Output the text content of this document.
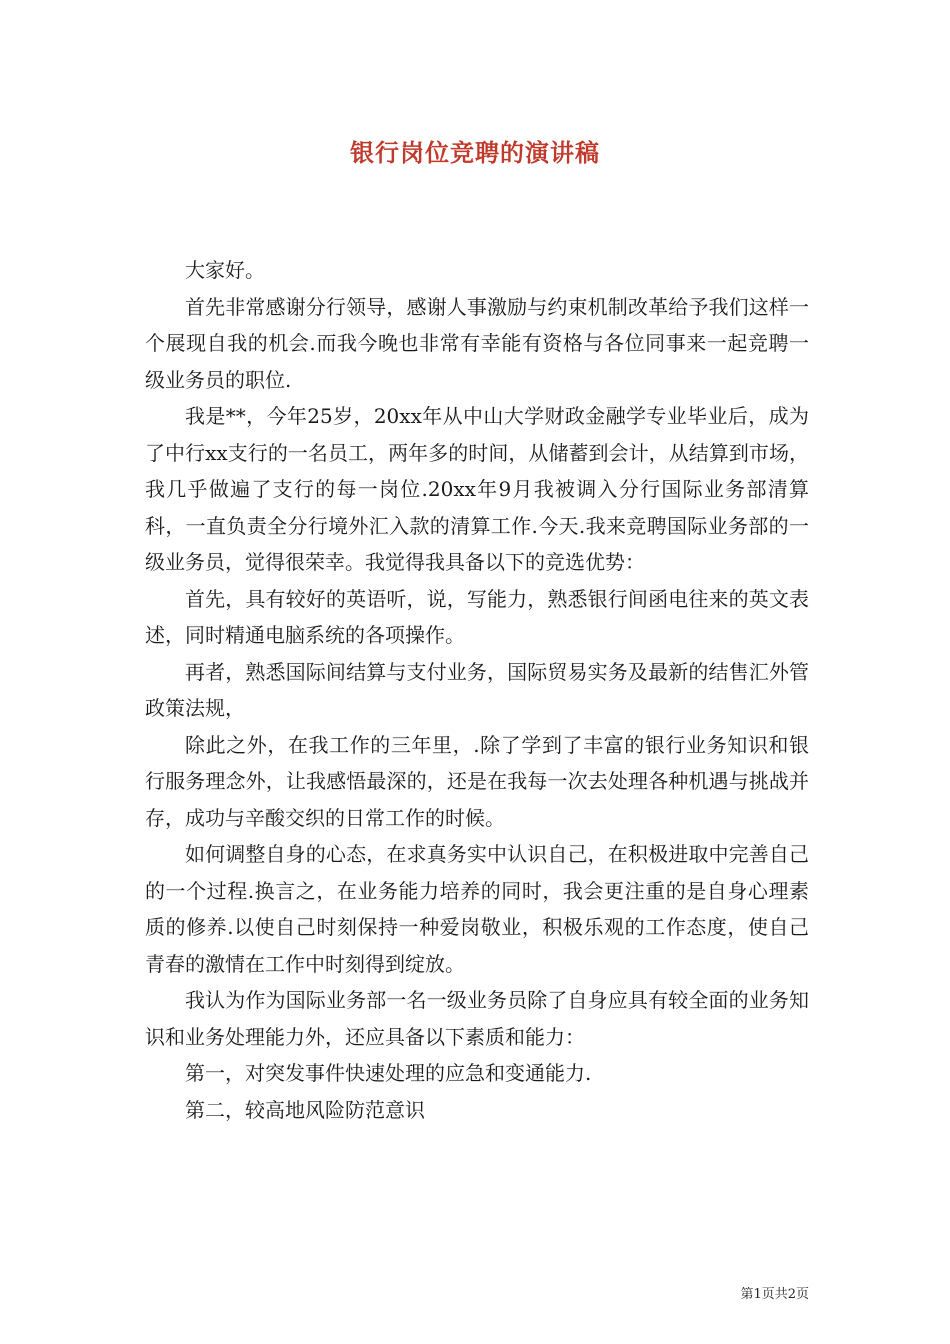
银行岗位竞聘的演讲稿

大家好。

首先非常感谢分行领导，感谢人事激励与约束机制改革给予我们这样一个展现自我的机会.而我今晚也非常有幸能有资格与各位同事来一起竞聘一级业务员的职位.

我是**，今年25岁，20xx年从中山大学财政金融学专业毕业后，成为了中行xx支行的一名员工，两年多的时间，从储蓄到会计，从结算到市场，我几乎做遍了支行的每一岗位.20xx年9月我被调入分行国际业务部清算科，一直负责全分行境外汇入款的清算工作.今天.我来竞聘国际业务部的一级业务员，觉得很荣幸。我觉得我具备以下的竞选优势：

首先，具有较好的英语听，说，写能力，熟悉银行间函电往来的英文表述，同时精通电脑系统的各项操作。

再者，熟悉国际间结算与支付业务，国际贸易实务及最新的结售汇外管政策法规，

除此之外，在我工作的三年里，.除了学到了丰富的银行业务知识和银行服务理念外，让我感悟最深的，还是在我每一次去处理各种机遇与挑战并存，成功与辛酸交织的日常工作的时候。

如何调整自身的心态，在求真务实中认识自己，在积极进取中完善自己的一个过程.换言之，在业务能力培养的同时，我会更注重的是自身心理素质的修养.以使自己时刻保持一种爱岗敬业，积极乐观的工作态度，使自己青春的激情在工作中时刻得到绽放。

我认为作为国际业务部一名一级业务员除了自身应具有较全面的业务知识和业务处理能力外，还应具备以下素质和能力：

第一，对突发事件快速处理的应急和变通能力.

第二，较高地风险防范意识

第1页共2页
